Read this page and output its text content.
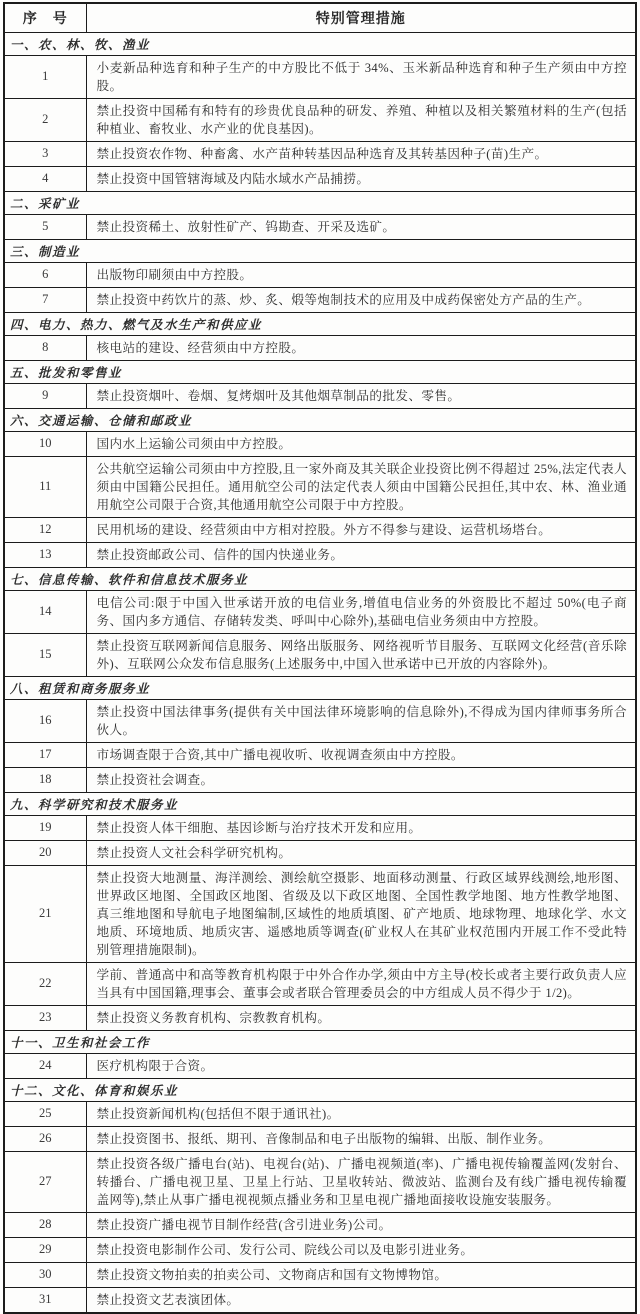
序　号	特别管理措施
一、农、林、牧、渔业	
1	小麦新品种选育和种子生产的中方股比不低于 34%、玉米新品种选育和种子生产须由中方控股。
2	禁止投资中国稀有和特有的珍贵优良品种的研发、养殖、种植以及相关繁殖材料的生产(包括种植业、畜牧业、水产业的优良基因)。
3	禁止投资农作物、种畜禽、水产苗种转基因品种选育及其转基因种子(苗)生产。
4	禁止投资中国管辖海域及内陆水域水产品捕捞。
二、采矿业	
5	禁止投资稀土、放射性矿产、钨勘查、开采及选矿。
三、制造业	
6	出版物印刷须由中方控股。
7	禁止投资中药饮片的蒸、炒、炙、煅等炮制技术的应用及中成药保密处方产品的生产。
四、电力、热力、燃气及水生产和供应业	
8	核电站的建设、经营须由中方控股。
五、批发和零售业	
9	禁止投资烟叶、卷烟、复烤烟叶及其他烟草制品的批发、零售。
六、交通运输、仓储和邮政业	
10	国内水上运输公司须由中方控股。
11	公共航空运输公司须由中方控股,且一家外商及其关联企业投资比例不得超过 25%,法定代表人须由中国籍公民担任。通用航空公司的法定代表人须由中国籍公民担任,其中农、林、渔业通用航空公司限于合资,其他通用航空公司限于中方控股。
12	民用机场的建设、经营须由中方相对控股。外方不得参与建设、运营机场塔台。
13	禁止投资邮政公司、信件的国内快递业务。
七、信息传输、软件和信息技术服务业	
14	电信公司:限于中国入世承诺开放的电信业务,增值电信业务的外资股比不超过 50%(电子商务、国内多方通信、存储转发类、呼叫中心除外),基础电信业务须由中方控股。
15	禁止投资互联网新闻信息服务、网络出版服务、网络视听节目服务、互联网文化经营(音乐除外)、互联网公众发布信息服务(上述服务中,中国入世承诺中已开放的内容除外)。
八、租赁和商务服务业	
16	禁止投资中国法律事务(提供有关中国法律环境影响的信息除外),不得成为国内律师事务所合伙人。
17	市场调查限于合资,其中广播电视收听、收视调查须由中方控股。
18	禁止投资社会调查。
九、科学研究和技术服务业	
19	禁止投资人体干细胞、基因诊断与治疗技术开发和应用。
20	禁止投资人文社会科学研究机构。
21	禁止投资大地测量、海洋测绘、测绘航空摄影、地面移动测量、行政区域界线测绘,地形图、世界政区地图、全国政区地图、省级及以下政区地图、全国性教学地图、地方性教学地图、真三维地图和导航电子地图编制,区域性的地质填图、矿产地质、地球物理、地球化学、水文地质、环境地质、地质灾害、遥感地质等调查(矿业权人在其矿业权范围内开展工作不受此特别管理措施限制)。
22	学前、普通高中和高等教育机构限于中外合作办学,须由中方主导(校长或者主要行政负责人应当具有中国国籍,理事会、董事会或者联合管理委员会的中方组成人员不得少于 1/2)。
23	禁止投资义务教育机构、宗教教育机构。
十一、卫生和社会工作	
24	医疗机构限于合资。
十二、文化、体育和娱乐业	
25	禁止投资新闻机构(包括但不限于通讯社)。
26	禁止投资图书、报纸、期刊、音像制品和电子出版物的编辑、出版、制作业务。
27	禁止投资各级广播电台(站)、电视台(站)、广播电视频道(率)、广播电视传输覆盖网(发射台、转播台、广播电视卫星、卫星上行站、卫星收转站、微波站、监测台及有线广播电视传输覆盖网等),禁止从事广播电视视频点播业务和卫星电视广播地面接收设施安装服务。
28	禁止投资广播电视节目制作经营(含引进业务)公司。
29	禁止投资电影制作公司、发行公司、院线公司以及电影引进业务。
30	禁止投资文物拍卖的拍卖公司、文物商店和国有文物博物馆。
31	禁止投资文艺表演团体。
